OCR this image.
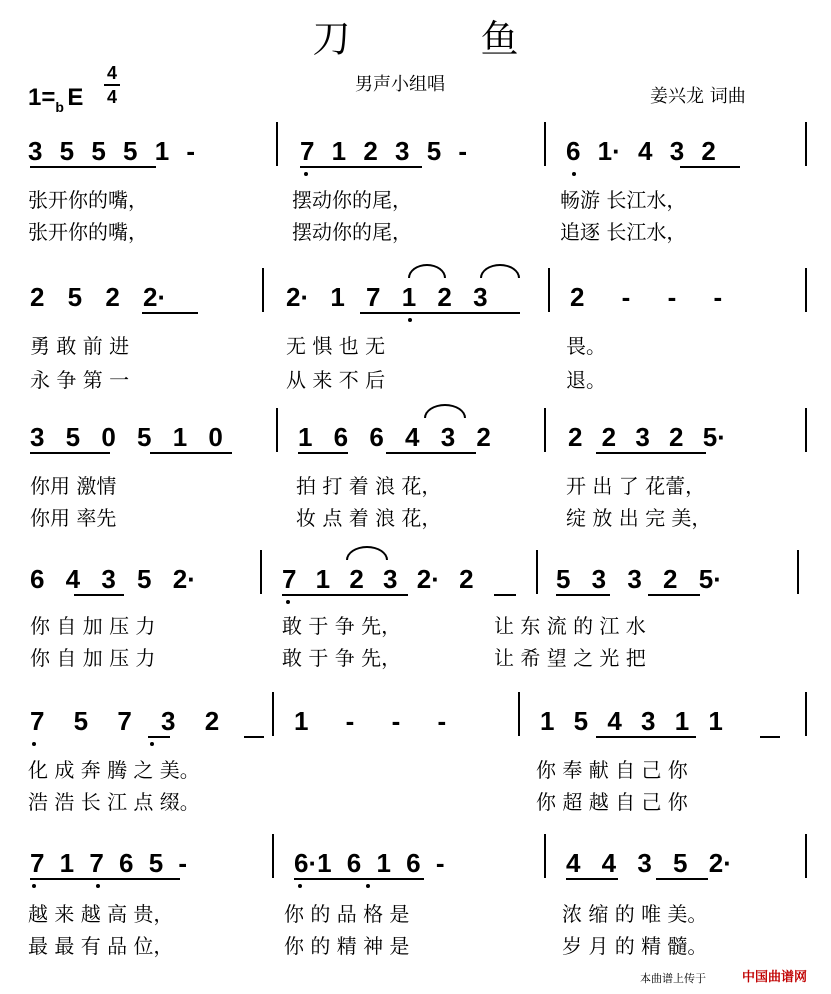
刀　鱼
男声小组唱
姜兴龙 词曲
1= b E
4
4
3 5 5 5 1 -	7 1 2 3 5 -	6 1· 4 3 2
张开你的嘴，	摆动你的尾，	畅游 长江水，
张开你的嘴，	摆动你的尾，	追逐 长江水，
2 5 2 2·	2· 1 7 1 2 3	2 - - -
勇 敢 前 进	无 惧 也 无	畏。
永 争 第 一	从 来 不 后	退。
3 5 0 5 1 0	1 6 6 4 3 2	2 2 3 2 5·
你用 激情	拍 打 着 浪 花，	开 出 了 花蕾，
你用 率先	妆 点 着 浪 花，	绽 放 出 完 美，
6 4 3 5 2·	7 1 2 3 2· 2	5 3 3 2 5·
你 自 加 压 力	敢 于 争 先，	让 东 流 的 江 水
你 自 加 压 力	敢 于 争 先，	让 希 望 之 光 把
7 5 7 3 2	1 - - -	1 5 4 3 1 1
化 成 奔 腾 之 美。	你 奉 献 自 己 你
浩 浩 长 江 点 缀。	你 超 越 自 己 你
7 1 7 6 5 -	6·1 6 1 6 -	4 4 3 5 2·
越 来 越 高 贵，	你 的 品 格 是	浓 缩 的 唯 美。
最 最 有 品 位，	你 的 精 神 是	岁 月 的 精 髓。
本曲谱上传于	中国曲谱网
